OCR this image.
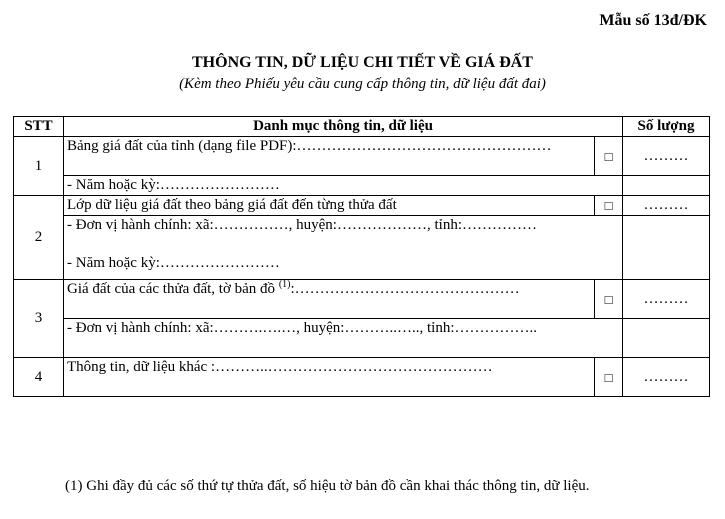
Mẫu số 13đ/ĐK
THÔNG TIN, DỮ LIỆU CHI TIẾT VỀ GIÁ ĐẤT
(Kèm theo Phiếu yêu cầu cung cấp thông tin, dữ liệu đất đai)
STT	Danh mục thông tin, dữ liệu		Số lượng
1	Bảng giá đất của tỉnh (dạng file PDF):……………………………………………	□	………
	- Năm hoặc kỳ:……………………		
2	Lớp dữ liệu giá đất theo bảng giá đất đến từng thửa đất	□	………

	- Đơn vị hành chính: xã:……………, huyện:………………, tỉnh:……………
- Năm hoặc kỳ:……………………		

3	Giá đất của các thửa đất, tờ bản đồ $^{(1)}$:………………………………………	□	………
	- Đơn vị hành chính: xã:……….….…, huyện:………..….., tỉnh:……………..		
4	Thông tin, dữ liệu khác :………..………………………………………	□	………
(1) Ghi đầy đủ các số thứ tự thửa đất, số hiệu tờ bản đồ cần khai thác thông tin, dữ liệu.
